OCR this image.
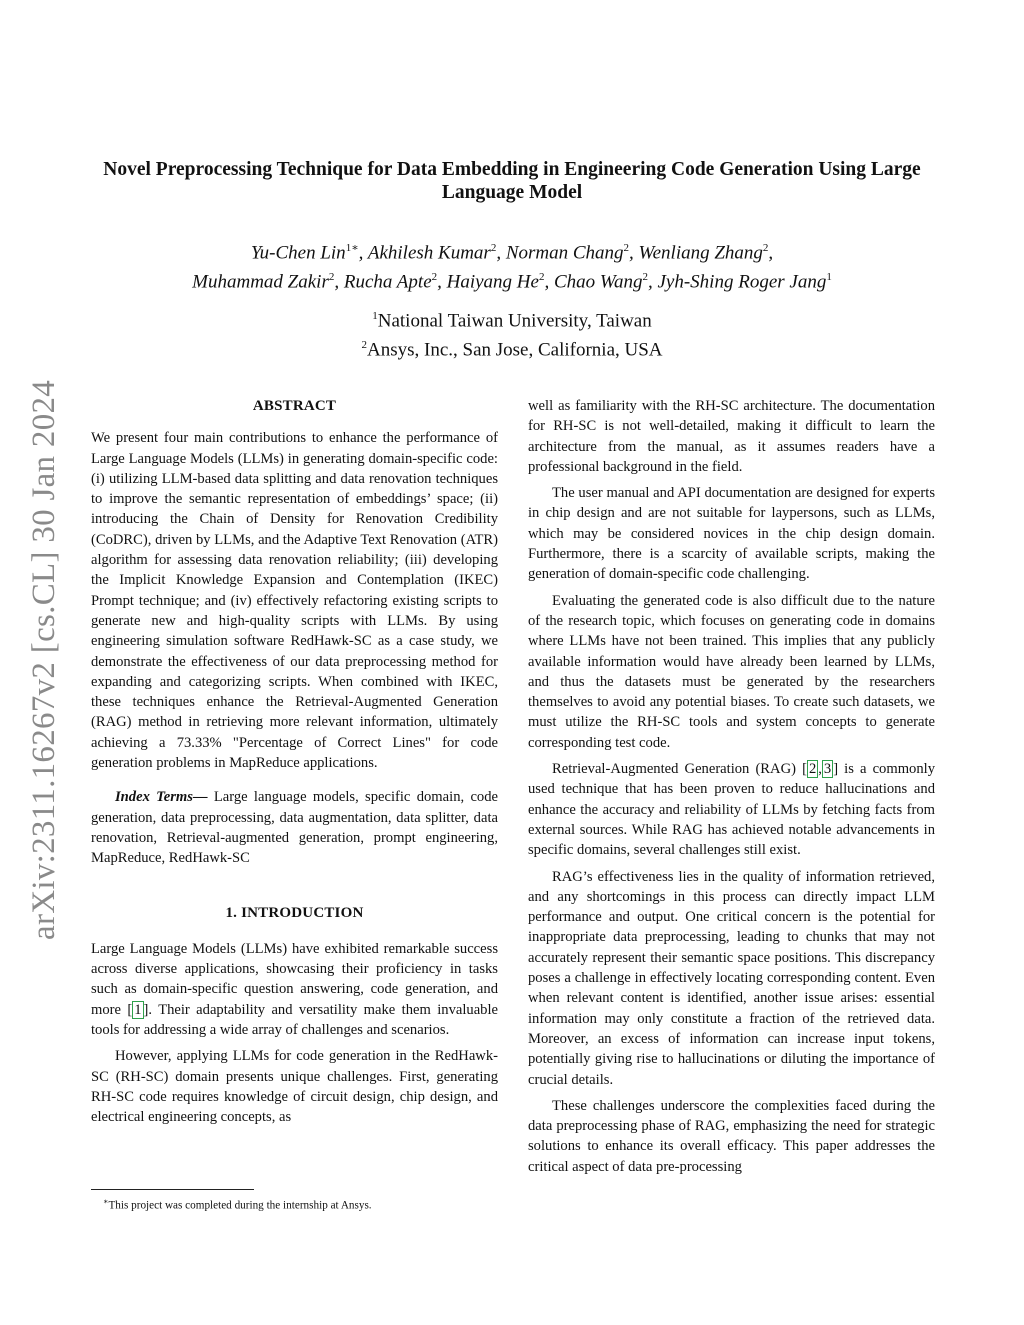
arXiv:2311.16267v2 [cs.CL] 30 Jan 2024
Novel Preprocessing Technique for Data Embedding in Engineering Code Generation Using Large Language Model
Yu-Chen Lin$^{1∗}$, Akhilesh Kumar$^2$, Norman Chang$^2$, Wenliang Zhang$^2$,
Muhammad Zakir$^2$, Rucha Apte$^2$, Haiyang He$^2$, Chao Wang$^2$, Jyh-Shing Roger Jang$^1$
$^1$National Taiwan University, Taiwan
$^2$Ansys, Inc., San Jose, California, USA
ABSTRACT

We present four main contributions to enhance the performance of Large Language Models (LLMs) in generating domain-specific code: (i) utilizing LLM-based data splitting and data renovation techniques to improve the semantic representation of embeddings’ space; (ii) introducing the Chain of Density for Renovation Credibility (CoDRC), driven by LLMs, and the Adaptive Text Renovation (ATR) algorithm for assessing data renovation reliability; (iii) developing the Implicit Knowledge Expansion and Contemplation (IKEC) Prompt technique; and (iv) effectively refactoring existing scripts to generate new and high-quality scripts with LLMs. By using engineering simulation software RedHawk-SC as a case study, we demonstrate the effectiveness of our data preprocessing method for expanding and categorizing scripts. When combined with IKEC, these techniques enhance the Retrieval-Augmented Generation (RAG) method in retrieving more relevant information, ultimately achieving a 73.33% "Percentage of Correct Lines" for code generation problems in MapReduce applications.

Index Terms— Large language models, specific domain, code generation, data preprocessing, data augmentation, data splitter, data renovation, Retrieval-augmented generation, prompt engineering, MapReduce, RedHawk-SC

1. INTRODUCTION

Large Language Models (LLMs) have exhibited remarkable success across diverse applications, showcasing their proficiency in tasks such as domain-specific question answering, code generation, and more [ 1 ]. Their adaptability and versatility make them invaluable tools for addressing a wide array of challenges and scenarios.

However, applying LLMs for code generation in the RedHawk-SC (RH-SC) domain presents unique challenges. First, generating RH-SC code requires knowledge of circuit design, chip design, and electrical engineering concepts, as

well as familiarity with the RH-SC architecture. The documentation for RH-SC is not well-detailed, making it difficult to learn the architecture from the manual, as it assumes readers have a professional background in the field.

The user manual and API documentation are designed for experts in chip design and are not suitable for laypersons, such as LLMs, which may be considered novices in the chip design domain. Furthermore, there is a scarcity of available scripts, making the generation of domain-specific code challenging.

Evaluating the generated code is also difficult due to the nature of the research topic, which focuses on generating code in domains where LLMs have not been trained. This implies that any publicly available information would have already been learned by LLMs, and thus the datasets must be generated by the researchers themselves to avoid any potential biases. To create such datasets, we must utilize the RH-SC tools and system concepts to generate corresponding test code.

Retrieval-Augmented Generation (RAG) [ 2 , 3 ] is a commonly used technique that has been proven to reduce hallucinations and enhance the accuracy and reliability of LLMs by fetching facts from external sources. While RAG has achieved notable advancements in specific domains, several challenges still exist.

RAG’s effectiveness lies in the quality of information retrieved, and any shortcomings in this process can directly impact LLM performance and output. One critical concern is the potential for inappropriate data preprocessing, leading to chunks that may not accurately represent their semantic space positions. This discrepancy poses a challenge in effectively locating corresponding content. Even when relevant content is identified, another issue arises: essential information may only constitute a fraction of the retrieved data. Moreover, an excess of information can increase input tokens, potentially giving rise to hallucinations or diluting the importance of crucial details.

These challenges underscore the complexities faced during the data preprocessing phase of RAG, emphasizing the need for strategic solutions to enhance its overall efficacy. This paper addresses the critical aspect of data pre-processing

∗This project was completed during the internship at Ansys.
